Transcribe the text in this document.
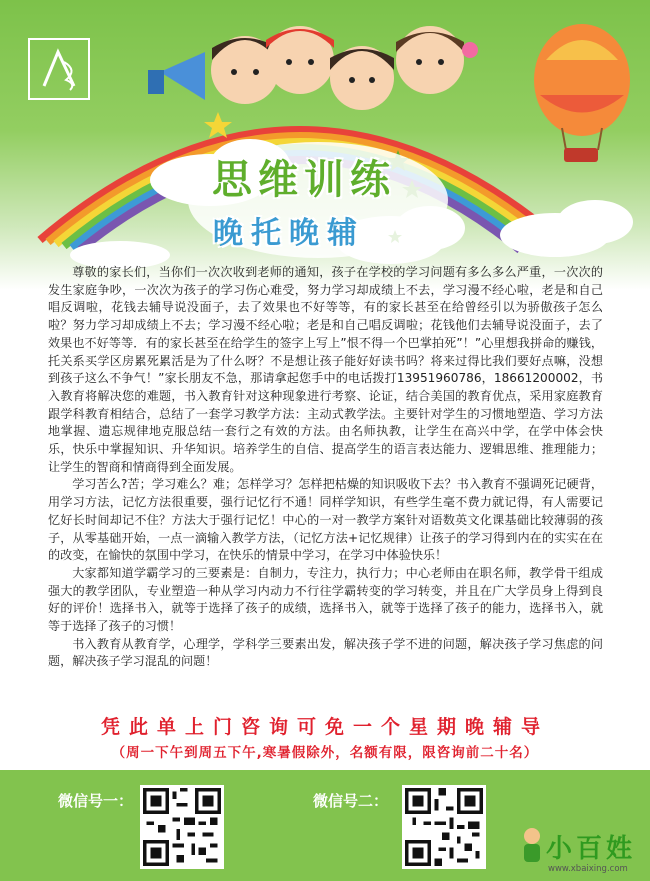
思维训练
晚托晚辅

尊敬的家长们，当你们一次次收到老师的通知，孩子在学校的学习问题有多么多么严重，一次次的发生家庭争吵，一次次为孩子的学习伤心难受，努力学习却成绩上不去，学习漫不经心啦，老是和自己唱反调啦，花钱去辅导说没面子，去了效果也不好等等，有的家长甚至在给曾经引以为骄傲孩子怎么啦？努力学习却成绩上不去；学习漫不经心啦；老是和自己唱反调啦；花钱他们去辅导说没面子，去了效果也不好等等．有的家长甚至在给学生的签字上写上”恨不得一个巴掌拍死”！”心里想我拼命的赚钱，托关系买学区房累死累活是为了什么呀？不是想让孩子能好好读书吗？将来过得比我们要好点嘛，没想到孩子这么不争气！”家长朋友不急，那请拿起您手中的电话拨打13951960786，18661200002，书入教育将解决您的难题，书入教育针对这种现象进行考察、论证，结合美国的教育优点，采用家庭教育跟学科教育相结合，总结了一套学习教学方法：主动式教学法。主要针对学生的习惯地塑造、学习方法地掌握、遗忘规律地克服总结一套行之有效的方法。由名师执教，让学生在高兴中学，在学中体会快乐，快乐中掌握知识、升华知识。培养学生的自信、提高学生的语言表达能力、逻辑思维、推理能力；让学生的智商和情商得到全面发展。

学习苦么?苦；学习难么？难；怎样学习？怎样把枯燥的知识吸收下去？书入教育不强调死记硬背，用学习方法，记忆方法很重要，强行记忆行不通！同样学知识，有些学生毫不费力就记得，有人需要记忆好长时间却记不住？方法大于强行记忆！中心的一对一教学方案针对语数英文化课基础比较薄弱的孩子，从零基础开始，一点一滴输入教学方法，（记忆方法+记忆规律）让孩子的学习得到内在的实实在在的改变，在愉快的氛围中学习，在快乐的情景中学习，在学习中体验快乐！

大家都知道学霸学习的三要素是：自制力，专注力，执行力；中心老师由在职名师，教学骨干组成强大的教学团队，专业塑造一种从学习内动力不行往学霸转变的学习转变，并且在广大学员身上得到良好的评价！选择书入，就等于选择了孩子的成绩，选择书入，就等于选择了孩子的能力，选择书入，就等于选择了孩子的习惯！

书入教育从教育学，心理学，学科学三要素出发，解决孩子学不进的问题，解决孩子学习焦虑的问题，解决孩子学习混乱的问题！

凭此单上门咨询可免一个星期晚辅导
（周一下午到周五下午,寒暑假除外，名额有限，限咨询前二十名）
微信号一：	微信号二：
小百姓
www.xbaixing.com
